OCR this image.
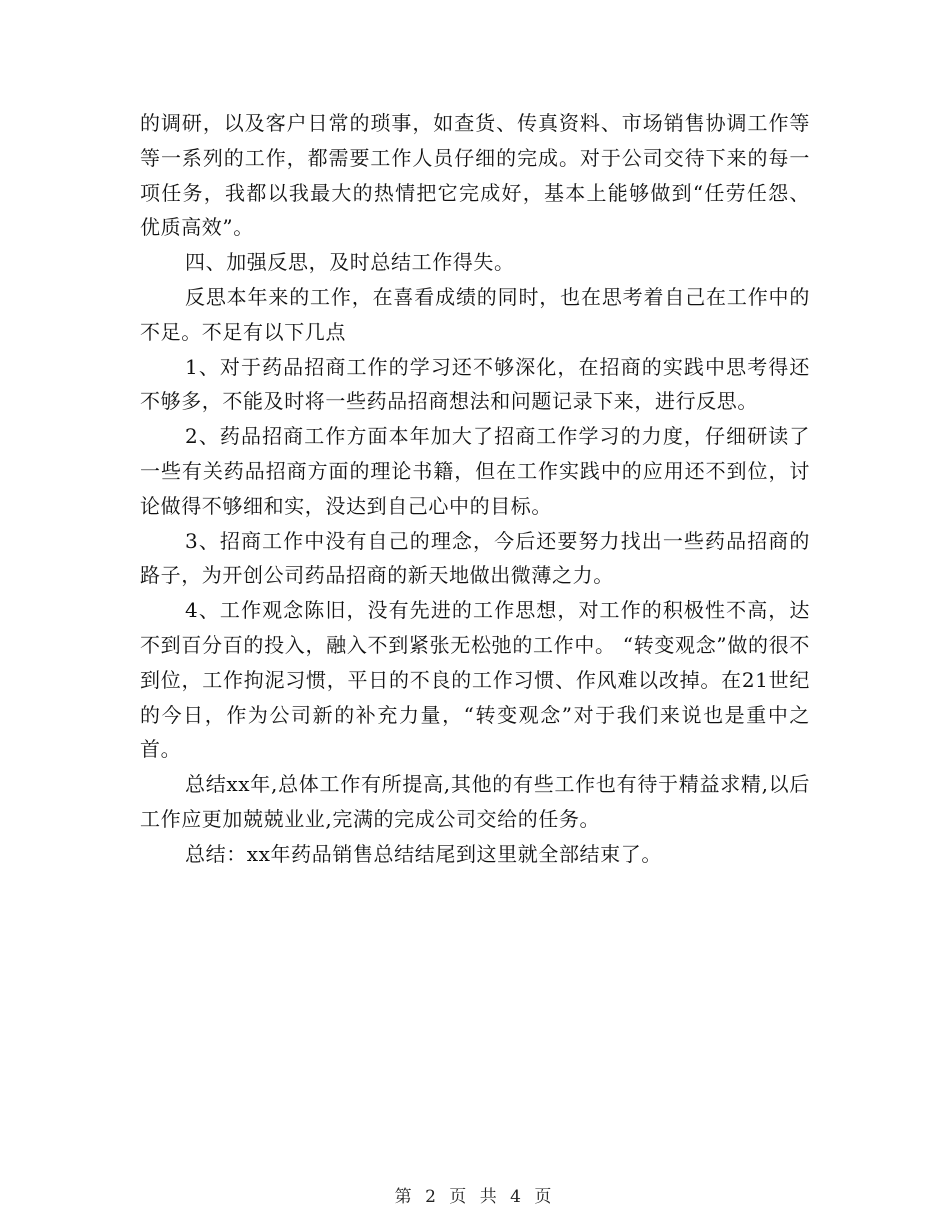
的调研，以及客户日常的琐事，如查货、传真资料、市场销售协调工作等等一系列的工作，都需要工作人员仔细的完成。对于公司交待下来的每一项任务，我都以我最大的热情把它完成好，基本上能够做到“任劳任怨、优质高效”。

四、加强反思，及时总结工作得失。

反思本年来的工作，在喜看成绩的同时，也在思考着自己在工作中的不足。不足有以下几点

1、对于药品招商工作的学习还不够深化，在招商的实践中思考得还不够多，不能及时将一些药品招商想法和问题记录下来，进行反思。

2、药品招商工作方面本年加大了招商工作学习的力度，仔细研读了一些有关药品招商方面的理论书籍，但在工作实践中的应用还不到位，讨论做得不够细和实，没达到自己心中的目标。

3、招商工作中没有自己的理念，今后还要努力找出一些药品招商的路子，为开创公司药品招商的新天地做出微薄之力。

4、工作观念陈旧，没有先进的工作思想，对工作的积极性不高，达不到百分百的投入，融入不到紧张无松弛的工作中。 “转变观念”做的很不到位，工作拘泥习惯，平日的不良的工作习惯、作风难以改掉。在21世纪的今日，作为公司新的补充力量，“转变观念”对于我们来说也是重中之首。

总结xx年,总体工作有所提高,其他的有些工作也有待于精益求精,以后工作应更加兢兢业业,完满的完成公司交给的任务。

总结：xx年药品销售总结结尾到这里就全部结束了。

第 2 页 共 4 页
